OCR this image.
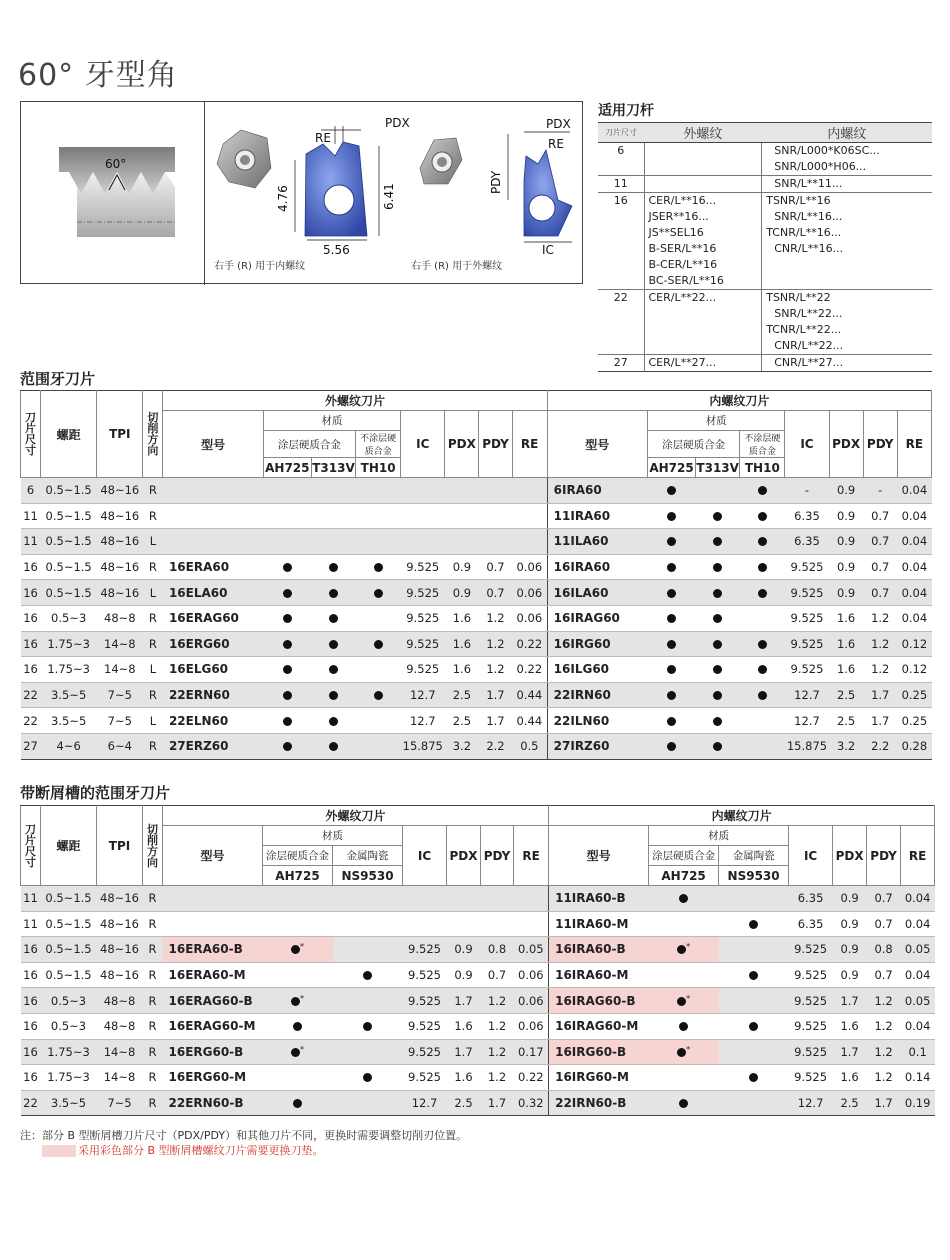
60° 牙型角
60°
PDX
RE
4.76	6.41
5.56
右手 (R) 用于内螺纹
PDX
RE
PDY
IC
右手 (R) 用于外螺纹
适用刀杆
刀片尺寸	外螺纹	内螺纹
6		SNR/L000*K06SC...
		SNR/L000*H06...
11		SNR/L**11...
16	CER/L**16...	TSNR/L**16
	JSER**16...	SNR/L**16...
	JS**SEL16	TCNR/L**16...
	B-SER/L**16	CNR/L**16...
	B-CER/L**16	
	BC-SER/L**16	
22	CER/L**22...	TSNR/L**22
		SNR/L**22...
		TCNR/L**22...
		CNR/L**22...
27	CER/L**27...	CNR/L**27...
范围牙刀片
刀
片
尺
寸	螺距	TPI	切
削
方
向	外螺纹刀片								内螺纹刀片							
				型号	材质			IC	PDX	PDY	RE	型号	材质			IC	PDX	PDY	RE
					涂层硬质合金		不涂层硬质合金						涂层硬质合金		不涂层硬质合金				
					AH725	T313V	TH10						AH725	T313V	TH10				
6	0.5~1.5	48~16	R									6IRA60				-	0.9	-	0.04
11	0.5~1.5	48~16	R									11IRA60				6.35	0.9	0.7	0.04
11	0.5~1.5	48~16	L									11ILA60				6.35	0.9	0.7	0.04
16	0.5~1.5	48~16	R	16ERA60				9.525	0.9	0.7	0.06	16IRA60				9.525	0.9	0.7	0.04
16	0.5~1.5	48~16	L	16ELA60				9.525	0.9	0.7	0.06	16ILA60				9.525	0.9	0.7	0.04
16	0.5~3	48~8	R	16ERAG60				9.525	1.6	1.2	0.06	16IRAG60				9.525	1.6	1.2	0.04
16	1.75~3	14~8	R	16ERG60				9.525	1.6	1.2	0.22	16IRG60				9.525	1.6	1.2	0.12
16	1.75~3	14~8	L	16ELG60				9.525	1.6	1.2	0.22	16ILG60				9.525	1.6	1.2	0.12
22	3.5~5	7~5	R	22ERN60				12.7	2.5	1.7	0.44	22IRN60				12.7	2.5	1.7	0.25
22	3.5~5	7~5	L	22ELN60				12.7	2.5	1.7	0.44	22ILN60				12.7	2.5	1.7	0.25
27	4~6	6~4	R	27ERZ60				15.875	3.2	2.2	0.5	27IRZ60				15.875	3.2	2.2	0.28
带断屑槽的范围牙刀片
刀
片
尺
寸	螺距	TPI	切
削
方
向	外螺纹刀片							内螺纹刀片						
				型号	材质		IC	PDX	PDY	RE	型号	材质		IC	PDX	PDY	RE
					涂层硬质合金	金属陶瓷						涂层硬质合金	金属陶瓷				
					AH725	NS9530						AH725	NS9530				
11	0.5~1.5	48~16	R								11IRA60-B			6.35	0.9	0.7	0.04
11	0.5~1.5	48~16	R								11IRA60-M			6.35	0.9	0.7	0.04
16	0.5~1.5	48~16	R	16ERA60-B	*		9.525	0.9	0.8	0.05	16IRA60-B	*		9.525	0.9	0.8	0.05
16	0.5~1.5	48~16	R	16ERA60-M			9.525	0.9	0.7	0.06	16IRA60-M			9.525	0.9	0.7	0.04
16	0.5~3	48~8	R	16ERAG60-B	*		9.525	1.7	1.2	0.06	16IRAG60-B	*		9.525	1.7	1.2	0.05
16	0.5~3	48~8	R	16ERAG60-M			9.525	1.6	1.2	0.06	16IRAG60-M			9.525	1.6	1.2	0.04
16	1.75~3	14~8	R	16ERG60-B	*		9.525	1.7	1.2	0.17	16IRG60-B	*		9.525	1.7	1.2	0.1
16	1.75~3	14~8	R	16ERG60-M			9.525	1.6	1.2	0.22	16IRG60-M			9.525	1.6	1.2	0.14
22	3.5~5	7~5	R	22ERN60-B			12.7	2.5	1.7	0.32	22IRN60-B			12.7	2.5	1.7	0.19
注：部分 B 型断屑槽刀片尺寸（PDX/PDY）和其他刀片不同，更换时需要调整切削刃位置。
采用彩色部分 B 型断屑槽螺纹刀片需要更换刀垫。
